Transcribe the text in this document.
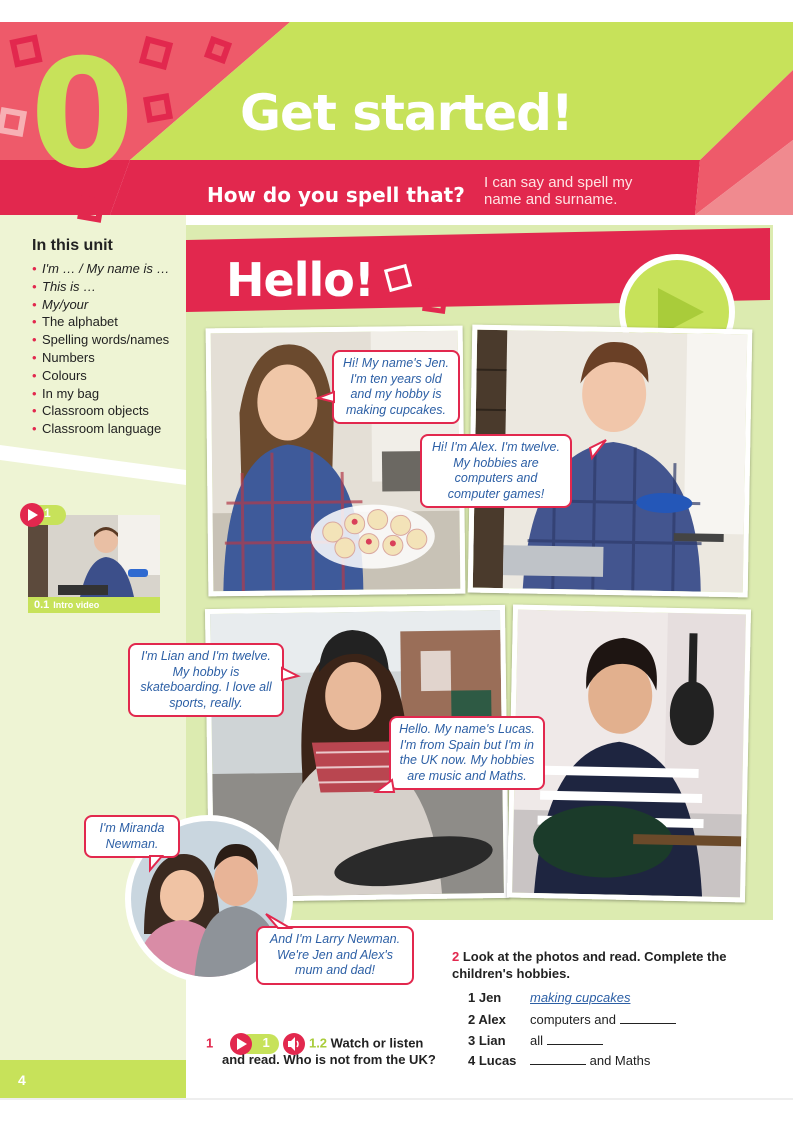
0 Get started!
How do you spell that?
I can say and spell my name and surname.
In this unit
• I'm … / My name is …
• This is …
• My/your
• The alphabet
• Spelling words/names
• Numbers
• Colours
• In my bag
• Classroom objects
• Classroom language
0.1 Intro video
1
Hello!
Hi! My name's Jen. I'm ten years old and my hobby is making cupcakes.
Hi! I'm Alex. I'm twelve. My hobbies are computers and computer games!
I'm Lian and I'm twelve. My hobby is skateboarding. I love all sports, really.
Hello. My name's Lucas. I'm from Spain but I'm in the UK now. My hobbies are music and Maths.
I'm Miranda Newman.
And I'm Larry Newman. We're Jen and Alex's mum and dad!
1	1	1.2 Watch or listen
and read. Who is not from the UK?
2 Look at the photos and read. Complete the children's hobbies.
1 Jen making cupcakes
2 Alex computers and
3 Lian all
4 Lucas	and Maths
4
